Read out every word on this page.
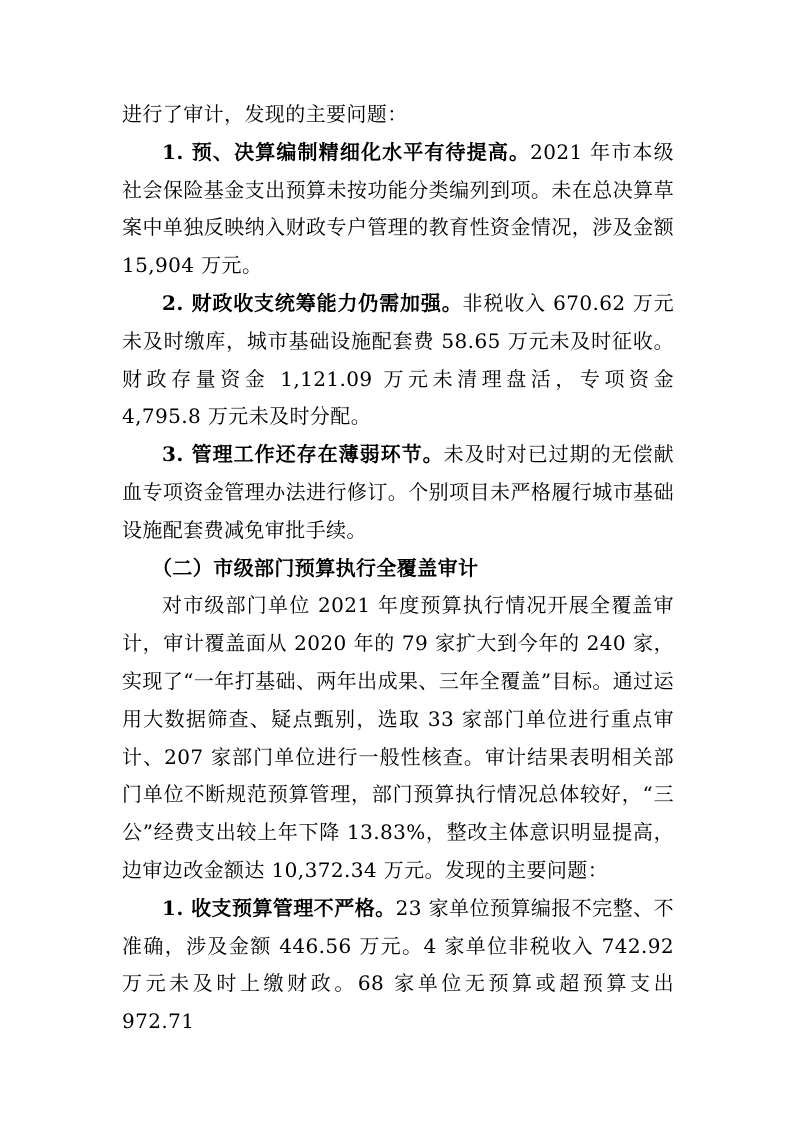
进行了审计，发现的主要问题：

1. 预、决算编制精细化水平有待提高。2021 年市本级社会保险基金支出预算未按功能分类编列到项。未在总决算草案中单独反映纳入财政专户管理的教育性资金情况，涉及金额 15,904 万元。

2. 财政收支统筹能力仍需加强。非税收入 670.62 万元未及时缴库，城市基础设施配套费 58.65 万元未及时征收。财政存量资金 1,121.09 万元未清理盘活，专项资金 4,795.8 万元未及时分配。

3. 管理工作还存在薄弱环节。未及时对已过期的无偿献血专项资金管理办法进行修订。个别项目未严格履行城市基础设施配套费减免审批手续。

（二）市级部门预算执行全覆盖审计

对市级部门单位 2021 年度预算执行情况开展全覆盖审计，审计覆盖面从 2020 年的 79 家扩大到今年的 240 家，实现了“一年打基础、两年出成果、三年全覆盖”目标。通过运用大数据筛查、疑点甄别，选取 33 家部门单位进行重点审计、207 家部门单位进行一般性核查。审计结果表明相关部门单位不断规范预算管理，部门预算执行情况总体较好，“三公”经费支出较上年下降 13.83%，整改主体意识明显提高，边审边改金额达 10,372.34 万元。发现的主要问题：

1. 收支预算管理不严格。23 家单位预算编报不完整、不准确，涉及金额 446.56 万元。4 家单位非税收入 742.92 万元未及时上缴财政。68 家单位无预算或超预算支出 972.71
